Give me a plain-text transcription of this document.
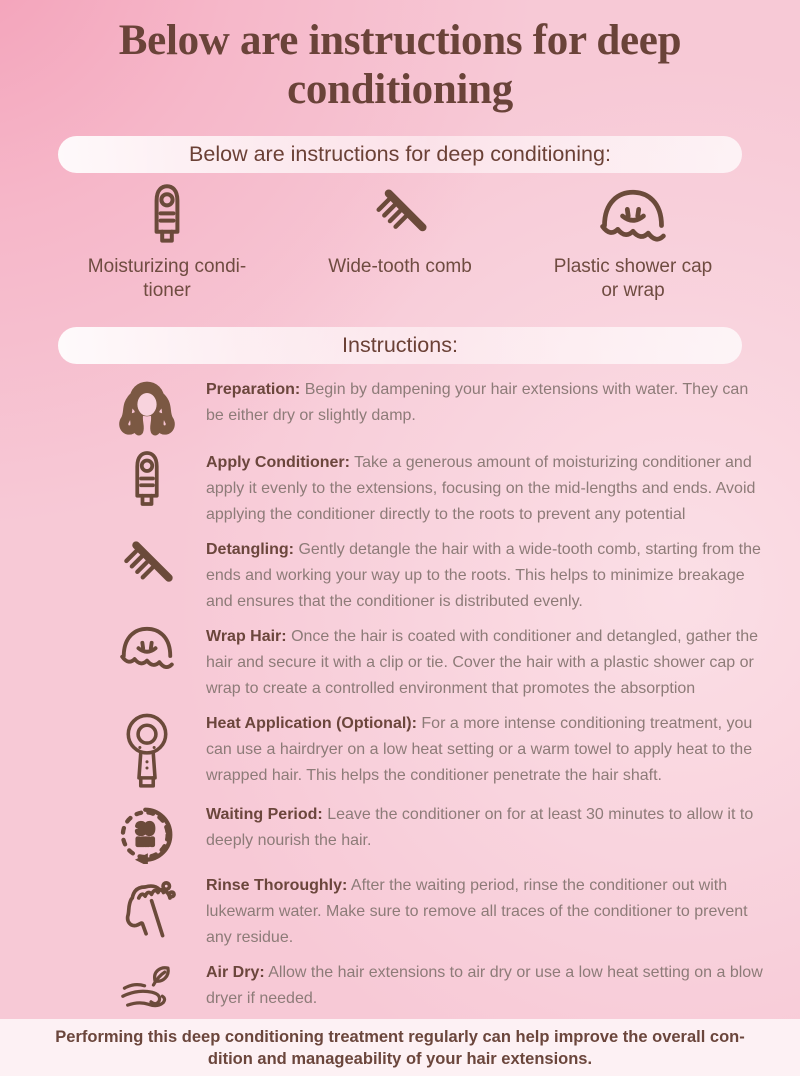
Below are instructions for deep conditioning
Below are instructions for deep conditioning:
Moisturizing condi-
tioner
Wide-tooth comb	Plastic shower cap
or wrap
Instructions:
Preparation: Begin by dampening your hair extensions with water. They can be either dry or slightly damp.
Apply Conditioner: Take a generous amount of moisturizing conditioner and apply it evenly to the extensions, focusing on the mid-lengths and ends. Avoid applying the conditioner directly to the roots to prevent any potential
Detangling: Gently detangle the hair with a wide-tooth comb, starting from the ends and working your way up to the roots. This helps to minimize breakage and ensures that the conditioner is distributed evenly.
Wrap Hair: Once the hair is coated with conditioner and detangled, gather the hair and secure it with a clip or tie. Cover the hair with a plastic shower cap or wrap to create a controlled environment that promotes the absorption
Heat Application (Optional): For a more intense conditioning treatment, you can use a hairdryer on a low heat setting or a warm towel to apply heat to the wrapped hair. This helps the conditioner penetrate the hair shaft.
30
MIN
Waiting Period: Leave the conditioner on for at least 30 minutes to allow it to deeply nourish the hair.
Rinse Thoroughly: After the waiting period, rinse the conditioner out with lukewarm water. Make sure to remove all traces of the conditioner to prevent any residue.
Air Dry: Allow the hair extensions to air dry or use a low heat setting on a blow dryer if needed.
Performing this deep conditioning treatment regularly can help improve the overall con-
dition and manageability of your hair extensions.
